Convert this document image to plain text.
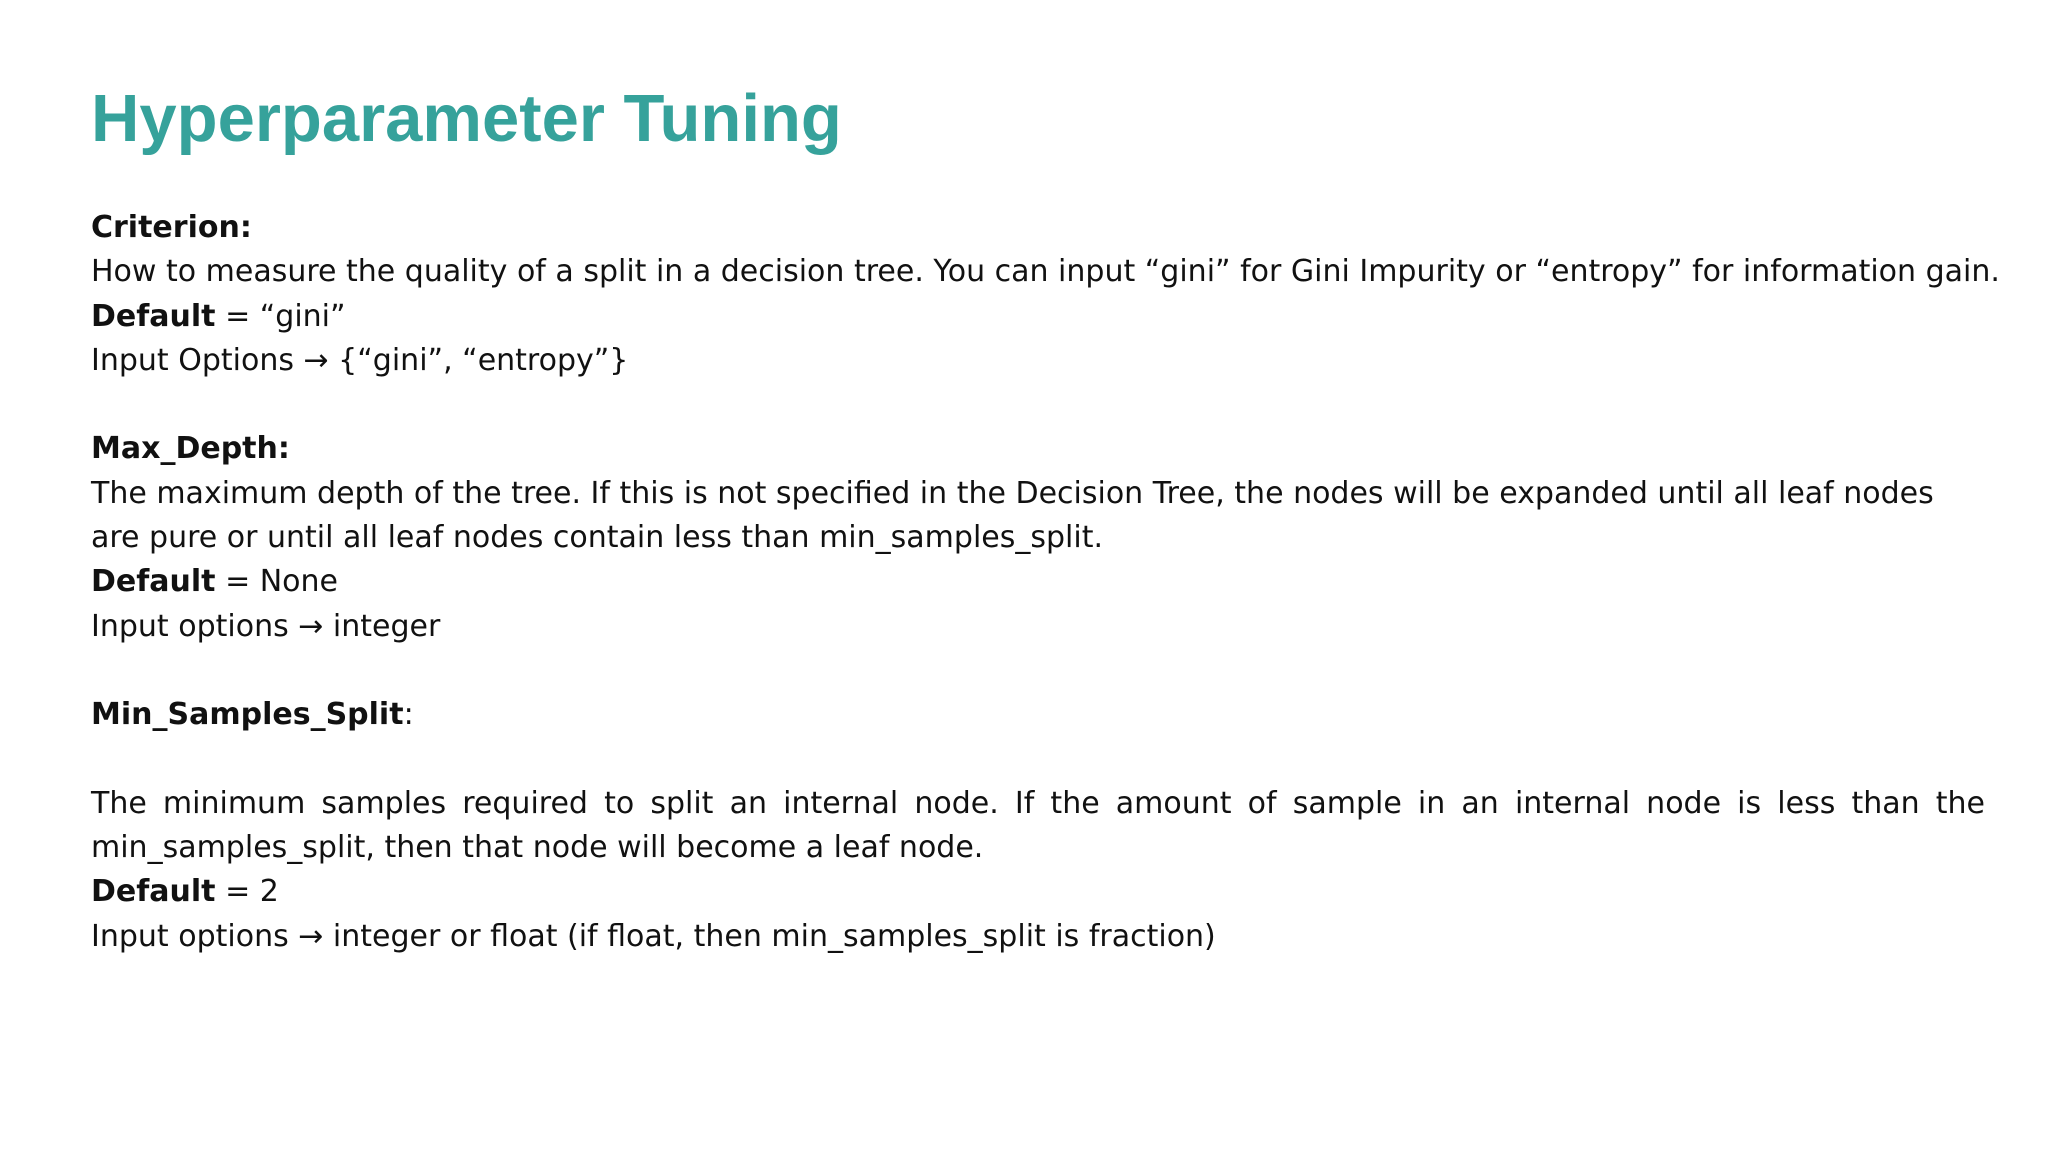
Hyperparameter Tuning
Criterion:
How to measure the quality of a split in a decision tree. You can input “gini” for Gini Impurity or “entropy” for information gain.
Default = “gini”
Input Options → {“gini”, “entropy”}
Max_Depth:
The maximum depth of the tree. If this is not specified in the Decision Tree, the nodes will be expanded until all leaf nodes are pure or until all leaf nodes contain less than min_samples_split.
Default = None
Input options → integer
Min_Samples_Split:
The minimum samples required to split an internal node. If the amount of sample in an internal node is less than the min_samples_split, then that node will become a leaf node.
Default = 2
Input options → integer or float (if float, then min_samples_split is fraction)
